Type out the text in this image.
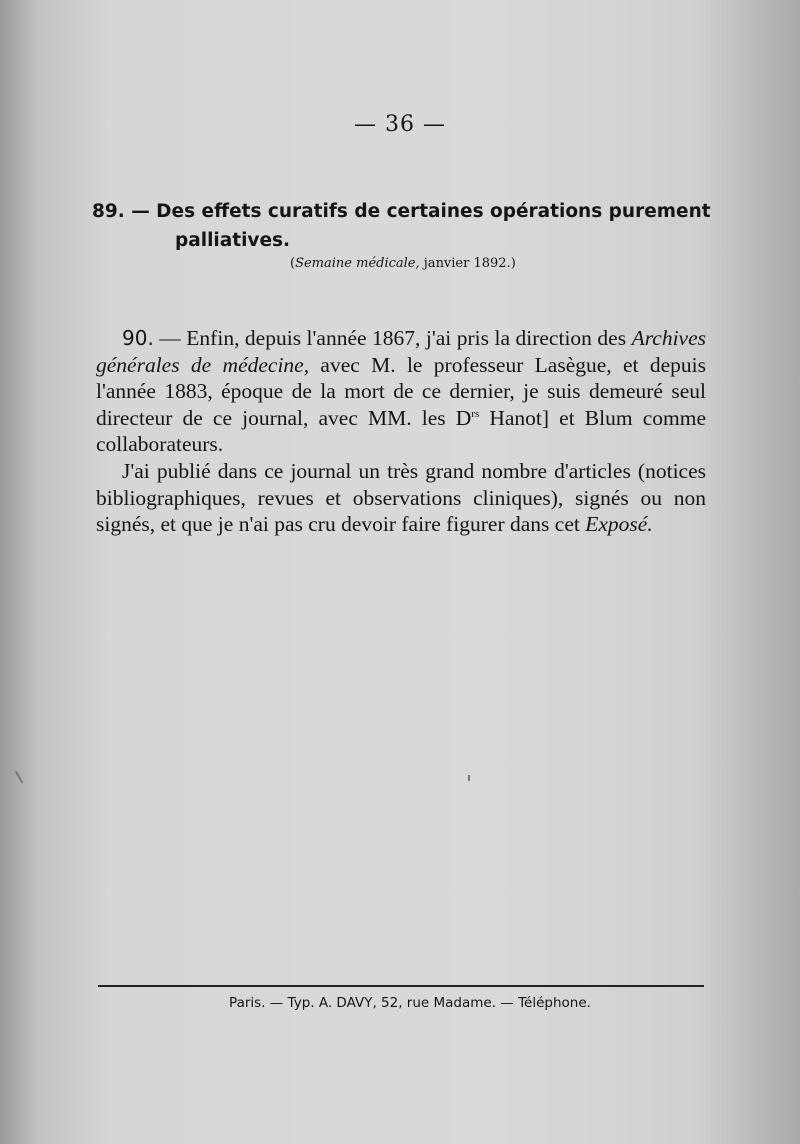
— 36 —
89. — Des effets curatifs de certaines opérations purement
palliatives.
(Semaine médicale, janvier 1892.)
90. — Enfin, depuis l'année 1867, j'ai pris la direction des Archives générales de médecine, avec M. le professeur Lasègue, et depuis l'année 1883, époque de la mort de ce dernier, je suis demeuré seul directeur de ce journal, avec MM. les $D^{rs}$ Hanot] et Blum comme collaborateurs.
J'ai publié dans ce journal un très grand nombre d'articles (notices bibliographiques, revues et observations cliniques), signés ou non signés, et que je n'ai pas cru devoir faire figurer dans cet Exposé.
Paris. — Typ. A. DAVY, 52, rue Madame. — Téléphone.
